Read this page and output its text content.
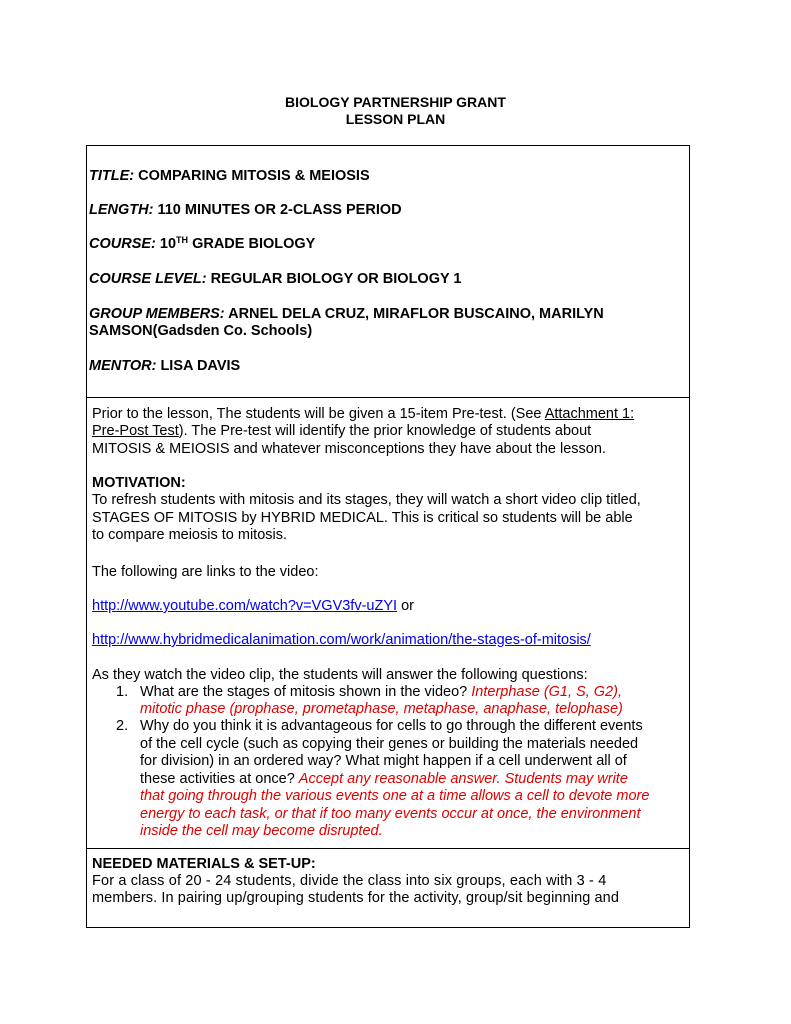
BIOLOGY PARTNERSHIP GRANT
LESSON PLAN
TITLE: COMPARING MITOSIS & MEIOSIS
LENGTH: 110 MINUTES OR 2-CLASS PERIOD
COURSE: 10TH GRADE BIOLOGY
COURSE LEVEL: REGULAR BIOLOGY OR BIOLOGY 1
GROUP MEMBERS: ARNEL DELA CRUZ, MIRAFLOR BUSCAINO, MARILYN
SAMSON(Gadsden Co. Schools)
MENTOR: LISA DAVIS
Prior to the lesson, The students will be given a 15-item Pre-test. (See Attachment 1:
Pre-Post Test). The Pre-test will identify the prior knowledge of students about
MITOSIS & MEIOSIS and whatever misconceptions they have about the lesson.
MOTIVATION:
To refresh students with mitosis and its stages, they will watch a short video clip titled,
STAGES OF MITOSIS by HYBRID MEDICAL. This is critical so students will be able
to compare meiosis to mitosis.
The following are links to the video:
http://www.youtube.com/watch?v=VGV3fv-uZYI or
http://www.hybridmedicalanimation.com/work/animation/the-stages-of-mitosis/
As they watch the video clip, the students will answer the following questions:
1. What are the stages of mitosis shown in the video? Interphase (G1, S, G2),
mitotic phase (prophase, prometaphase, metaphase, anaphase, telophase)
2. Why do you think it is advantageous for cells to go through the different events
of the cell cycle (such as copying their genes or building the materials needed
for division) in an ordered way? What might happen if a cell underwent all of
these activities at once? Accept any reasonable answer. Students may write
that going through the various events one at a time allows a cell to devote more
energy to each task, or that if too many events occur at once, the environment
inside the cell may become disrupted.
NEEDED MATERIALS & SET-UP:
For a class of 20 - 24 students, divide the class into six groups, each with 3 - 4
members. In pairing up/grouping students for the activity, group/sit beginning and
